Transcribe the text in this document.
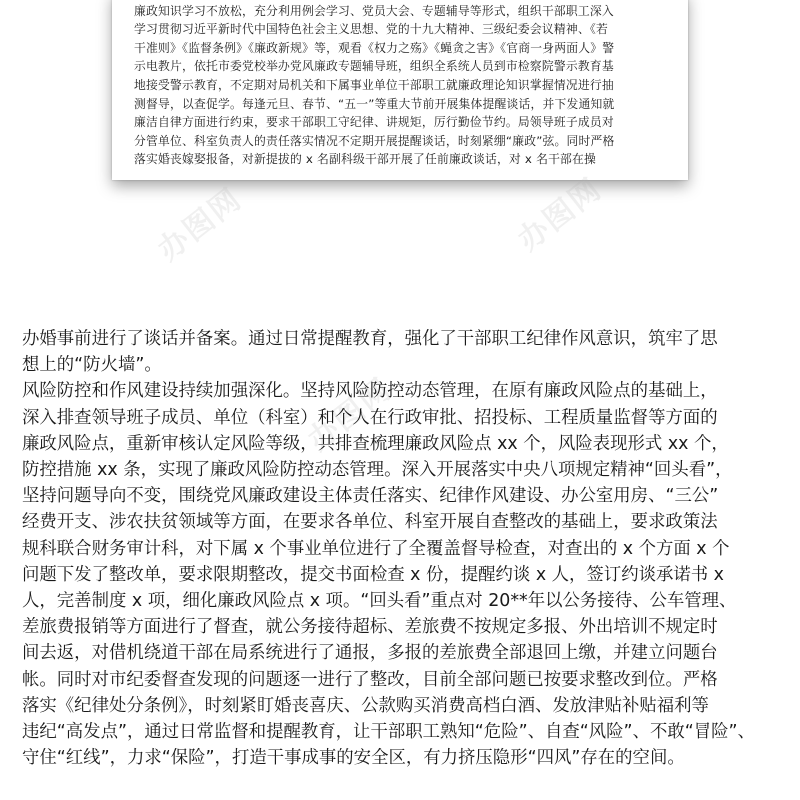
廉政知识学习不放松，充分利用例会学习、党员大会、专题辅导等形式，组织干部职工深入
学习贯彻习近平新时代中国特色社会主义思想、党的十九大精神、三级纪委会议精神、《若
干准则》《监督条例》《廉政新规》等，观看《权力之殇》《蝇贪之害》《官商一身两面人》警
示电教片，依托市委党校举办党风廉政专题辅导班，组织全系统人员到市检察院警示教育基
地接受警示教育，不定期对局机关和下属事业单位干部职工就廉政理论知识掌握情况进行抽
测督导，以查促学。每逢元旦、春节、“五一”等重大节前开展集体提醒谈话，并下发通知就
廉洁自律方面进行约束，要求干部职工守纪律、讲规矩，厉行勤俭节约。局领导班子成员对
分管单位、科室负责人的责任落实情况不定期开展提醒谈话，时刻紧绷“廉政”弦。同时严格
落实婚丧嫁娶报备，对新提拔的 x 名副科级干部开展了任前廉政谈话，对 x 名干部在操
办图网	办图网
办图网
办婚事前进行了谈话并备案。通过日常提醒教育，强化了干部职工纪律作风意识，筑牢了思
想上的“防火墙”。
风险防控和作风建设持续加强深化。坚持风险防控动态管理，在原有廉政风险点的基础上，
深入排查领导班子成员、单位（科室）和个人在行政审批、招投标、工程质量监督等方面的
廉政风险点，重新审核认定风险等级，共排查梳理廉政风险点 xx 个，风险表现形式 xx 个，
防控措施 xx 条，实现了廉政风险防控动态管理。深入开展落实中央八项规定精神“回头看”，
坚持问题导向不变，围绕党风廉政建设主体责任落实、纪律作风建设、办公室用房、“三公”
经费开支、涉农扶贫领域等方面，在要求各单位、科室开展自查整改的基础上，要求政策法
规科联合财务审计科，对下属 x 个事业单位进行了全覆盖督导检查，对查出的 x 个方面 x 个
问题下发了整改单，要求限期整改，提交书面检查 x 份，提醒约谈 x 人，签订约谈承诺书 x
人，完善制度 x 项，细化廉政风险点 x 项。“回头看”重点对 20**年以公务接待、公车管理、
差旅费报销等方面进行了督查，就公务接待超标、差旅费不按规定多报、外出培训不规定时
间去返，对借机绕道干部在局系统进行了通报，多报的差旅费全部退回上缴，并建立问题台
帐。同时对市纪委督查发现的问题逐一进行了整改，目前全部问题已按要求整改到位。严格
落实《纪律处分条例》，时刻紧盯婚丧喜庆、公款购买消费高档白酒、发放津贴补贴福利等
违纪“高发点”，通过日常监督和提醒教育，让干部职工熟知“危险”、自查“风险”、不敢“冒险”、
守住“红线”，力求“保险”，打造干事成事的安全区，有力挤压隐形“四风”存在的空间。
